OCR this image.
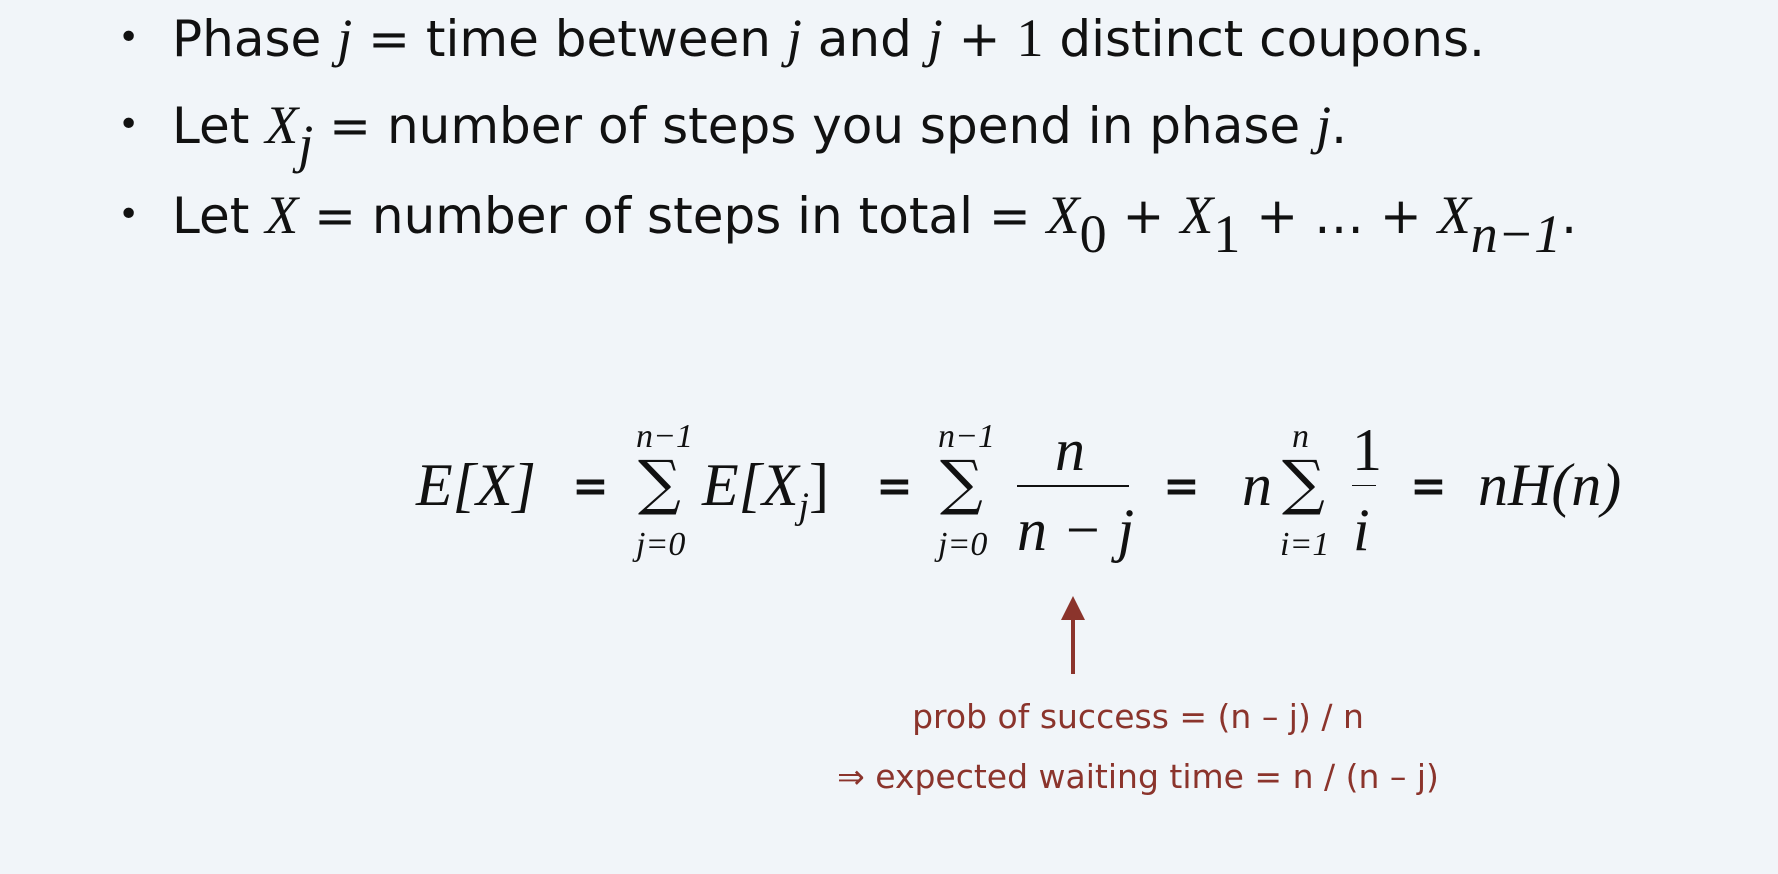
• Phase j = time between j and j + 1 distinct coupons.
• Let $X_j$ = number of steps you spend in phase j.
• Let X = number of steps in total = $X_0 + X_1$ + … + $X_{n-1}$.
E[X] =
n−1
∑
j=0
$E[X_j]$ =
n−1
∑
j=0
n
n − j
= n
n
∑
i=1
1
i
= nH(n)
prob of success = (n – j) / n
⇒ expected waiting time = n / (n – j)
